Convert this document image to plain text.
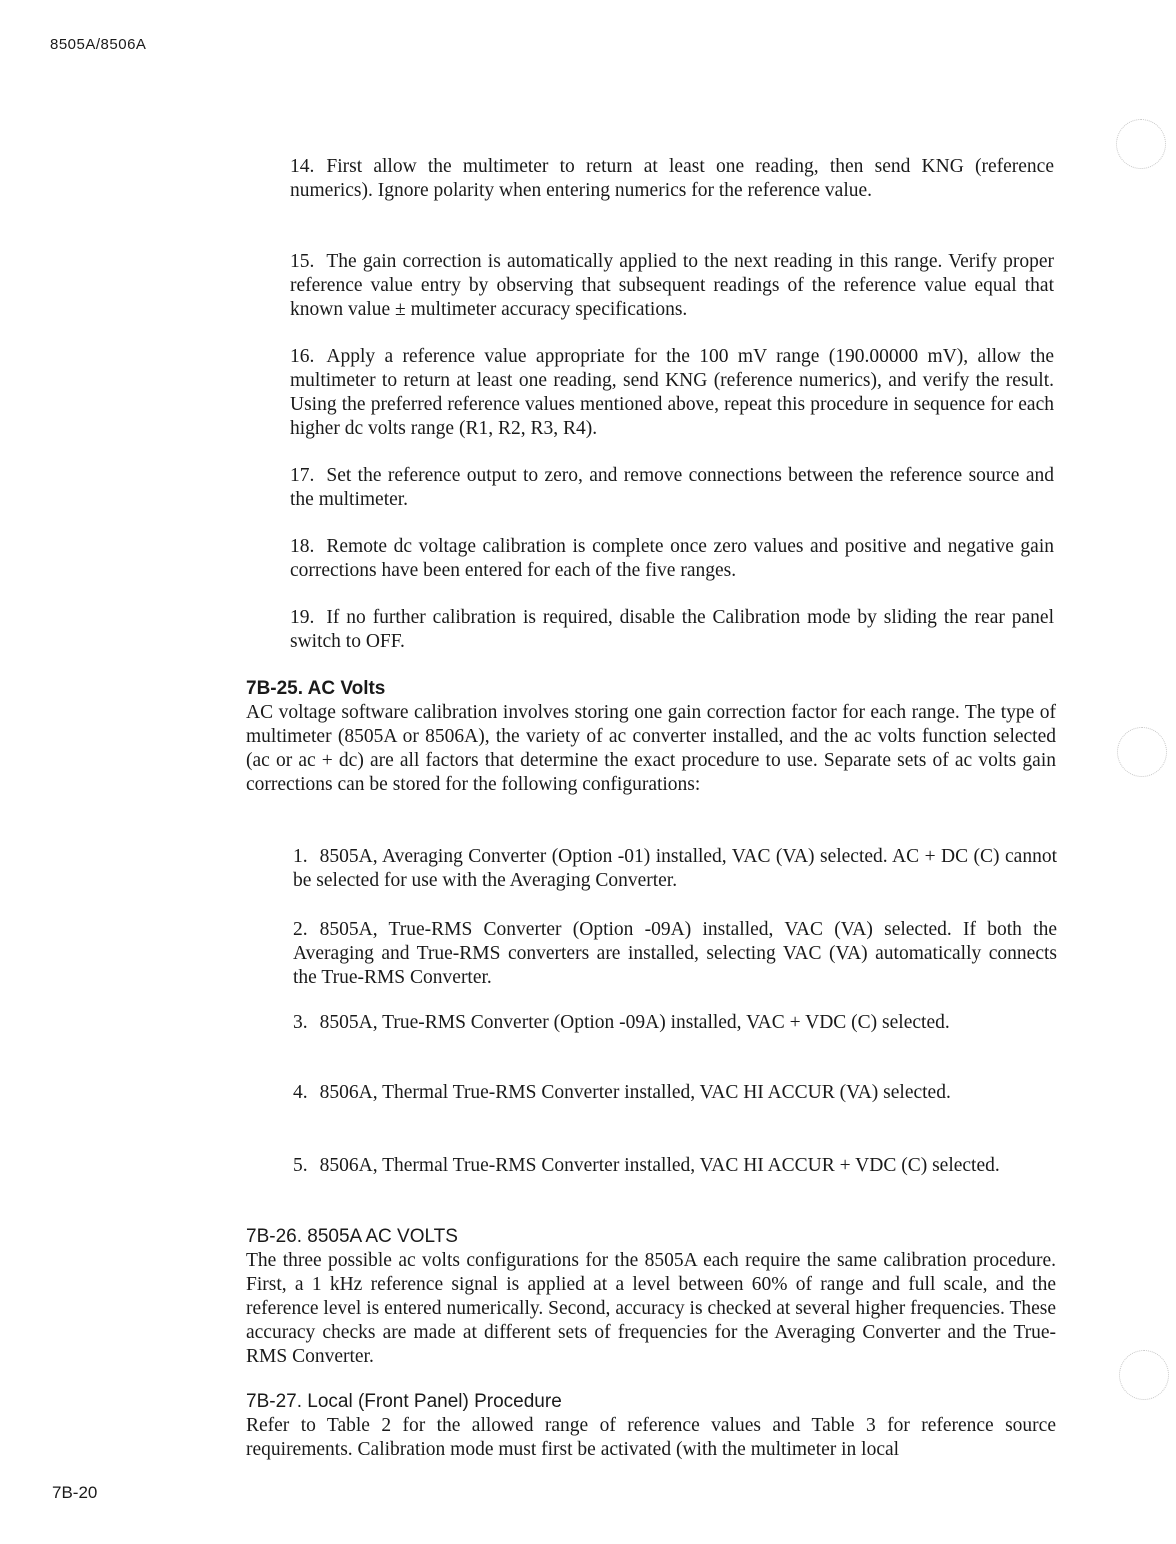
8505A/8506A
14. First allow the multimeter to return at least one reading, then send KNG (reference numerics). Ignore polarity when entering numerics for the reference value.
15. The gain correction is automatically applied to the next reading in this range. Verify proper reference value entry by observing that subsequent readings of the reference value equal that known value ± multimeter accuracy specifications.
16. Apply a reference value appropriate for the 100 mV range (190.00000 mV), allow the multimeter to return at least one reading, send KNG (reference numerics), and verify the result. Using the preferred reference values mentioned above, repeat this procedure in sequence for each higher dc volts range (R1, R2, R3, R4).
17. Set the reference output to zero, and remove connections between the reference source and the multimeter.
18. Remote dc voltage calibration is complete once zero values and positive and negative gain corrections have been entered for each of the five ranges.
19. If no further calibration is required, disable the Calibration mode by sliding the rear panel switch to OFF.
7B-25. AC Volts
AC voltage software calibration involves storing one gain correction factor for each range. The type of multimeter (8505A or 8506A), the variety of ac converter installed, and the ac volts function selected (ac or ac + dc) are all factors that determine the exact procedure to use. Separate sets of ac volts gain corrections can be stored for the following configurations:
1. 8505A, Averaging Converter (Option -01) installed, VAC (VA) selected. AC + DC (C) cannot be selected for use with the Averaging Converter.
2. 8505A, True-RMS Converter (Option -09A) installed, VAC (VA) selected. If both the Averaging and True-RMS converters are installed, selecting VAC (VA) automatically connects the True-RMS Converter.
3. 8505A, True-RMS Converter (Option -09A) installed, VAC + VDC (C) selected.
4. 8506A, Thermal True-RMS Converter installed, VAC HI ACCUR (VA) selected.
5. 8506A, Thermal True-RMS Converter installed, VAC HI ACCUR + VDC (C) selected.
7B-26. 8505A AC VOLTS
The three possible ac volts configurations for the 8505A each require the same calibration procedure. First, a 1 kHz reference signal is applied at a level between 60% of range and full scale, and the reference level is entered numerically. Second, accuracy is checked at several higher frequencies. These accuracy checks are made at different sets of frequencies for the Averaging Converter and the True-RMS Converter.
7B-27. Local (Front Panel) Procedure
Refer to Table 2 for the allowed range of reference values and Table 3 for reference source requirements. Calibration mode must first be activated (with the multimeter in local
7B-20
